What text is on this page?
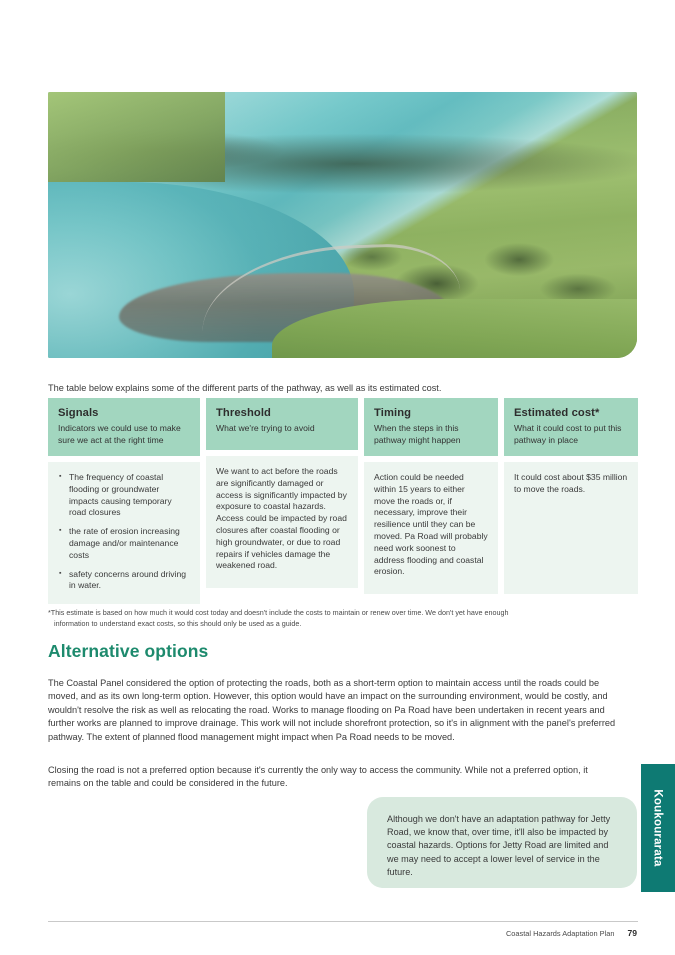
The table below explains some of the different parts of the pathway, as well as its estimated cost.
Signals

Indicators we could use to make sure we act at the right time

▪ The frequency of coastal flooding or groundwater impacts causing temporary road closures
▪ the rate of erosion increasing damage and/or maintenance costs
▪ safety concerns around driving in water.
Threshold

What we're trying to avoid

We want to act before the roads are significantly damaged or access is significantly impacted by exposure to coastal hazards. Access could be impacted by road closures after coastal flooding or high groundwater, or due to road repairs if vehicles damage the weakened road.

Timing

When the steps in this pathway might happen

Action could be needed within 15 years to either move the roads or, if necessary, improve their resilience until they can be moved. Pa Road will probably need work soonest to address flooding and coastal erosion.

Estimated cost*

What it could cost to put this pathway in place

It could cost about $35 million to move the roads.

*This estimate is based on how much it would cost today and doesn't include the costs to maintain or renew over time. We don't yet have enough
information to understand exact costs, so this should only be used as a guide.
Alternative options
The Coastal Panel considered the option of protecting the roads, both as a short-term option to maintain access until the roads could be moved, and as its own long-term option. However, this option would have an impact on the surrounding environment, would be costly, and wouldn't resolve the risk as well as relocating the road. Works to manage flooding on Pa Road have been undertaken in recent years and further works are planned to improve drainage. This work will not include shorefront protection, so it's in alignment with the panel's preferred pathway. The extent of planned flood management might impact when Pa Road needs to be moved.
Closing the road is not a preferred option because it's currently the only way to access the community. While not a preferred option, it remains on the table and could be considered in the future.

Although we don't have an adaptation pathway for Jetty Road, we know that, over time, it'll also be impacted by coastal hazards. Options for Jetty Road are limited and we may need to accept a lower level of service in the future.

Koukourarata
Coastal Hazards Adaptation Plan 79
